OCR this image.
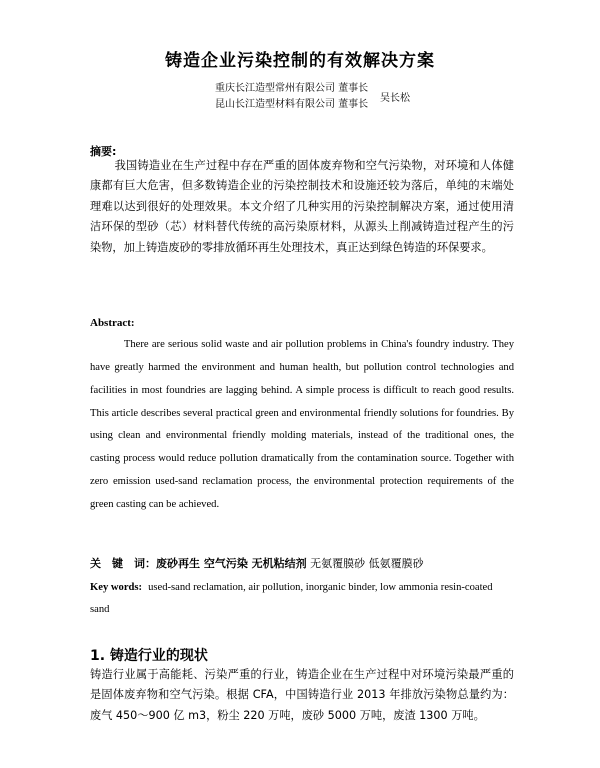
铸造企业污染控制的有效解决方案
重庆长江造型常州有限公司 董事长
昆山长江造型材料有限公司 董事长
吴长松
摘要:
我国铸造业在生产过程中存在严重的固体废弃物和空气污染物，对环境和人体健康都有巨大危害，但多数铸造企业的污染控制技术和设施还较为落后，单纯的末端处理难以达到很好的处理效果。本文介绍了几种实用的污染控制解决方案，通过使用清洁环保的型砂（芯）材料替代传统的高污染原材料，从源头上削减铸造过程产生的污染物，加上铸造废砂的零排放循环再生处理技术，真正达到绿色铸造的环保要求。
Abstract:
There are serious solid waste and air pollution problems in China's foundry industry. They have greatly harmed the environment and human health, but pollution control technologies and facilities in most foundries are lagging behind. A simple process is difficult to reach good results. This article describes several practical green and environmental friendly solutions for foundries. By using clean and environmental friendly molding materials, instead of the traditional ones, the casting process would reduce pollution dramatically from the contamination source. Together with zero emission used-sand reclamation process, the environmental protection requirements of the green casting can be achieved.
关　键　词：废砂再生 空气污染 无机粘结剂 无氨覆膜砂 低氨覆膜砂
Key words: used-sand reclamation, air pollution, inorganic binder, low ammonia resin-coated sand
1. 铸造行业的现状
铸造行业属于高能耗、污染严重的行业，铸造企业在生产过程中对环境污染最严重的是固体废弃物和空气污染。根据 CFA，中国铸造行业 2013 年排放污染物总量约为：废气 450～900 亿 m3，粉尘 220 万吨，废砂 5000 万吨，废渣 1300 万吨。
